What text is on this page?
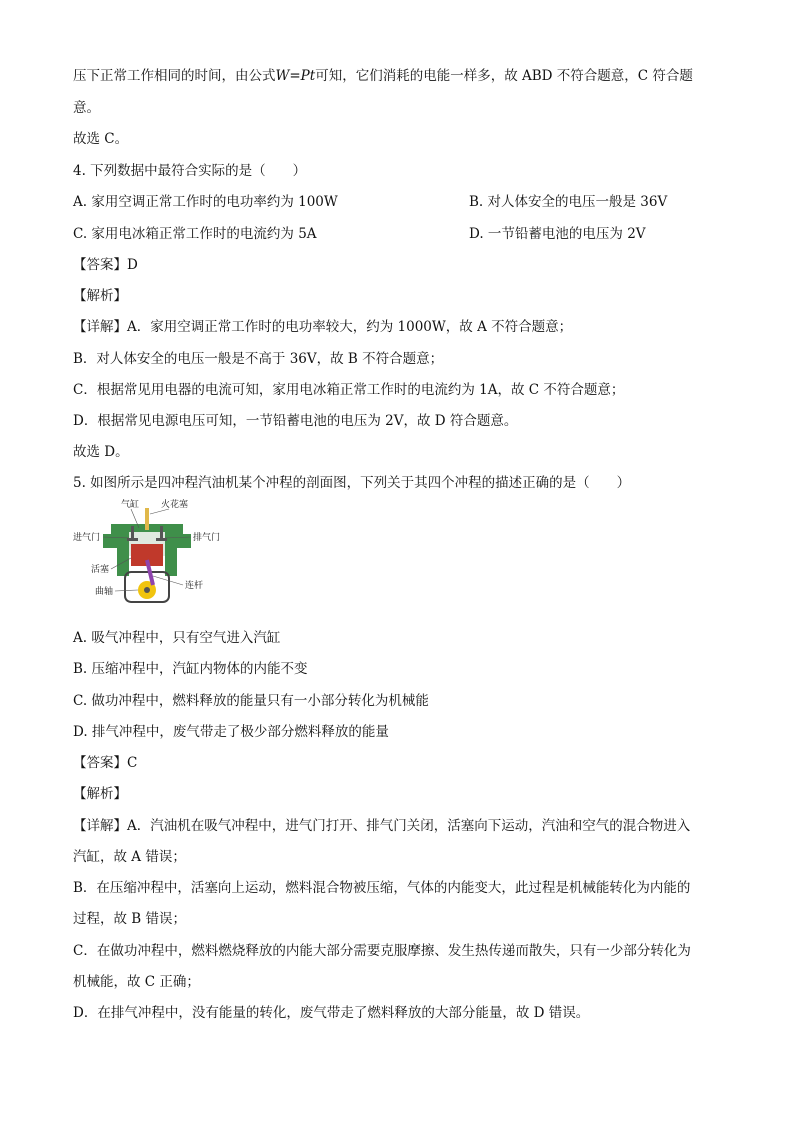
压下正常工作相同的时间，由公式W=Pt可知，它们消耗的电能一样多，故 ABD 不符合题意，C 符合题
意。
故选 C。
4. 下列数据中最符合实际的是（　　）
A. 家用空调正常工作时的电功率约为 100W	B. 对人体安全的电压一般是 36V
C. 家用电冰箱正常工作时的电流约为 5A	D. 一节铅蓄电池的电压为 2V
【答案】D
【解析】
【详解】A．家用空调正常工作时的电功率较大，约为 1000W，故 A 不符合题意；
B．对人体安全的电压一般是不高于 36V，故 B 不符合题意；
C．根据常见用电器的电流可知，家用电冰箱正常工作时的电流约为 1A，故 C 不符合题意；
D．根据常见电源电压可知，一节铅蓄电池的电压为 2V，故 D 符合题意。
故选 D。
5. 如图所示是四冲程汽油机某个冲程的剖面图，下列关于其四个冲程的描述正确的是（　　）
气缸 火花塞
进气门	排气门
活塞
连杆
曲轴
A. 吸气冲程中，只有空气进入汽缸
B. 压缩冲程中，汽缸内物体的内能不变
C. 做功冲程中，燃料释放的能量只有一小部分转化为机械能
D. 排气冲程中，废气带走了极少部分燃料释放的能量
【答案】C
【解析】
【详解】A．汽油机在吸气冲程中，进气门打开、排气门关闭，活塞向下运动，汽油和空气的混合物进入
汽缸，故 A 错误；
B．在压缩冲程中，活塞向上运动，燃料混合物被压缩，气体的内能变大，此过程是机械能转化为内能的
过程，故 B 错误；
C．在做功冲程中，燃料燃烧释放的内能大部分需要克服摩擦、发生热传递而散失，只有一少部分转化为
机械能，故 C 正确；
D．在排气冲程中，没有能量的转化，废气带走了燃料释放的大部分能量，故 D 错误。
